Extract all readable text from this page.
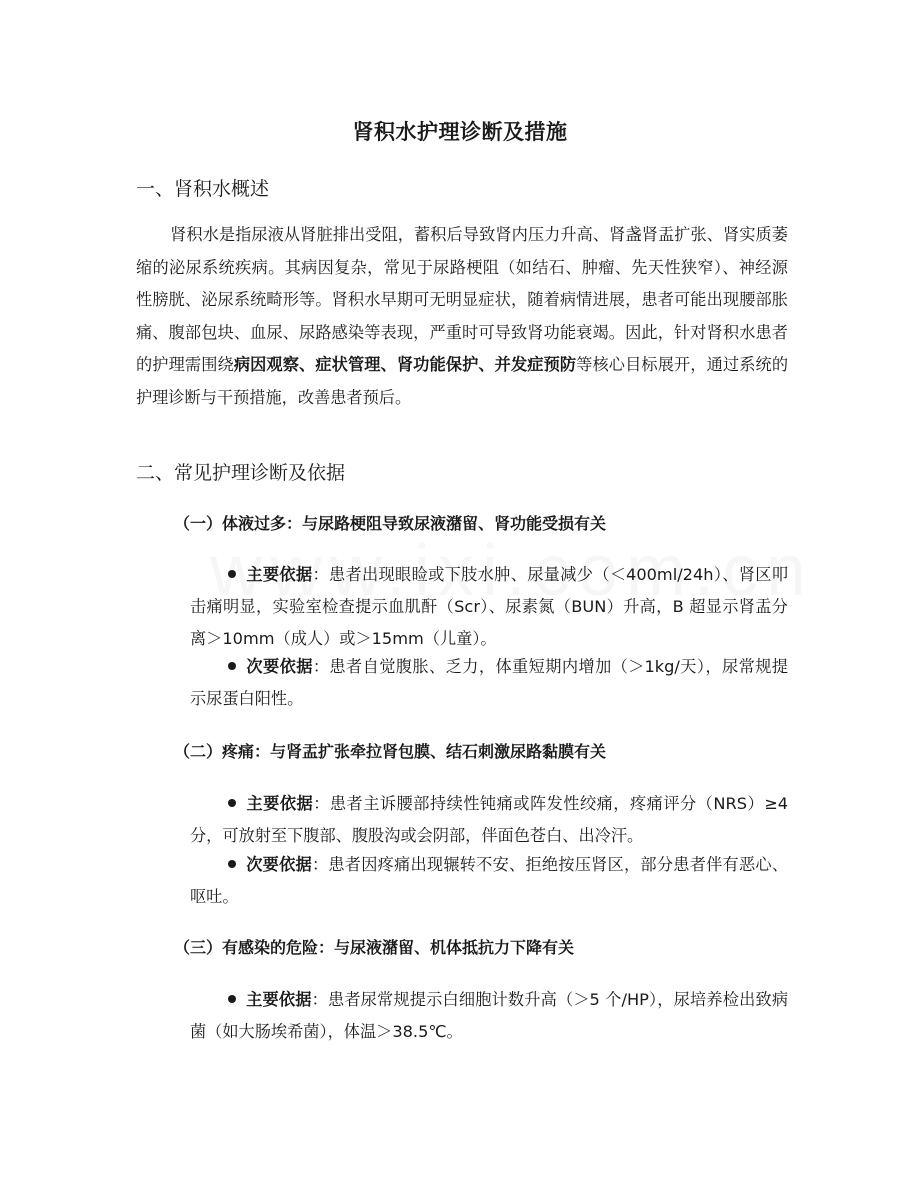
肾积水护理诊断及措施
一、肾积水概述
肾积水是指尿液从肾脏排出受阻，蓄积后导致肾内压力升高、肾盏肾盂扩张、肾实质萎缩的泌尿系统疾病。其病因复杂，常见于尿路梗阻（如结石、肿瘤、先天性狭窄）、神经源性膀胱、泌尿系统畸形等。肾积水早期可无明显症状，随着病情进展，患者可能出现腰部胀痛、腹部包块、血尿、尿路感染等表现，严重时可导致肾功能衰竭。因此，针对肾积水患者的护理需围绕病因观察、症状管理、肾功能保护、并发症预防等核心目标展开，通过系统的护理诊断与干预措施，改善患者预后。
二、常见护理诊断及依据
（一）体液过多：与尿路梗阻导致尿液潴留、肾功能受损有关
主要依据：患者出现眼睑或下肢水肿、尿量减少（＜400ml/24h）、肾区叩击痛明显，实验室检查提示血肌酐（Scr）、尿素氮（BUN）升高，B 超显示肾盂分离＞10mm（成人）或＞15mm（儿童）。
次要依据：患者自觉腹胀、乏力，体重短期内增加（＞1kg/天），尿常规提示尿蛋白阳性。
（二）疼痛：与肾盂扩张牵拉肾包膜、结石刺激尿路黏膜有关
主要依据：患者主诉腰部持续性钝痛或阵发性绞痛，疼痛评分（NRS）≥4 分，可放射至下腹部、腹股沟或会阴部，伴面色苍白、出冷汗。
次要依据：患者因疼痛出现辗转不安、拒绝按压肾区，部分患者伴有恶心、呕吐。
（三）有感染的危险：与尿液潴留、机体抵抗力下降有关
主要依据：患者尿常规提示白细胞计数升高（＞5 个/HP），尿培养检出致病菌（如大肠埃希菌），体温＞38.5℃。
